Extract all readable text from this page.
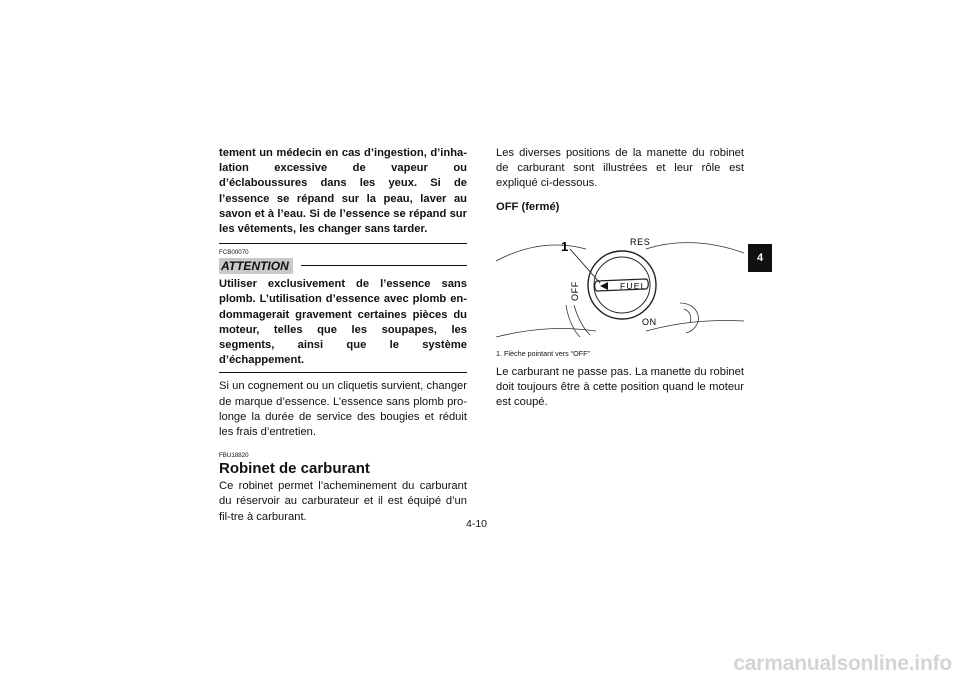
tement un médecin en cas d’ingestion, d’inha-lation excessive de vapeur ou d’éclaboussures dans les yeux. Si de l’essence se répand sur la peau, laver au savon et à l’eau. Si de l’essence se répand sur les vêtements, les changer sans tarder.
FCB00070
ATTENTION
Utiliser exclusivement de l’essence sans plomb. L’utilisation d’essence avec plomb en-dommagerait gravement certaines pièces du moteur, telles que les soupapes, les segments, ainsi que le système d’échappement.
Si un cognement ou un cliquetis survient, changer de marque d’essence. L’essence sans plomb pro-longe la durée de service des bougies et réduit les frais d’entretien.
FBU18820
Robinet de carburant
Ce robinet permet l’acheminement du carburant du réservoir au carburateur et il est équipé d’un fil-tre à carburant.
Les diverses positions de la manette du robinet de carburant sont illustrées et leur rôle est expliqué ci-dessous.
OFF (fermé)
FUEL
RES
ON
OFF
1
1. Flèche pointant vers “OFF”
Le carburant ne passe pas. La manette du robinet doit toujours être à cette position quand le moteur est coupé.
4
4-10
carmanualsonline.info
